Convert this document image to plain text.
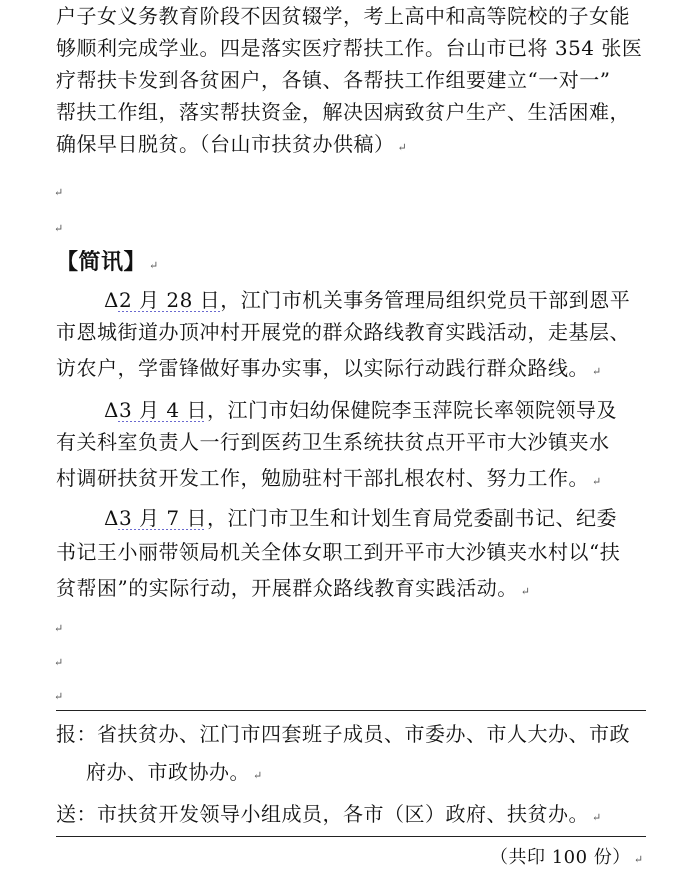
户子女义务教育阶段不因贫辍学，考上高中和高等院校的子女能
够顺利完成学业。四是落实医疗帮扶工作。台山市已将 354 张医
疗帮扶卡发到各贫困户，各镇、各帮扶工作组要建立“一对一”
帮扶工作组，落实帮扶资金，解决因病致贫户生产、生活困难，
确保早日脱贫。（台山市扶贫办供稿） ↵
↵
↵
【简讯】 ↵
Δ2 月 28 日，江门市机关事务管理局组织党员干部到恩平
市恩城街道办顶冲村开展党的群众路线教育实践活动，走基层、
访农户，学雷锋做好事办实事，以实际行动践行群众路线。 ↵
Δ3 月 4 日，江门市妇幼保健院李玉萍院长率领院领导及
有关科室负责人一行到医药卫生系统扶贫点开平市大沙镇夹水
村调研扶贫开发工作，勉励驻村干部扎根农村、努力工作。 ↵
Δ3 月 7 日，江门市卫生和计划生育局党委副书记、纪委
书记王小丽带领局机关全体女职工到开平市大沙镇夹水村以“扶
贫帮困”的实际行动，开展群众路线教育实践活动。 ↵
↵
↵
↵
报：省扶贫办、江门市四套班子成员、市委办、市人大办、市政
府办、市政协办。 ↵
送：市扶贫开发领导小组成员，各市（区）政府、扶贫办。 ↵
（共印 100 份） ↵
